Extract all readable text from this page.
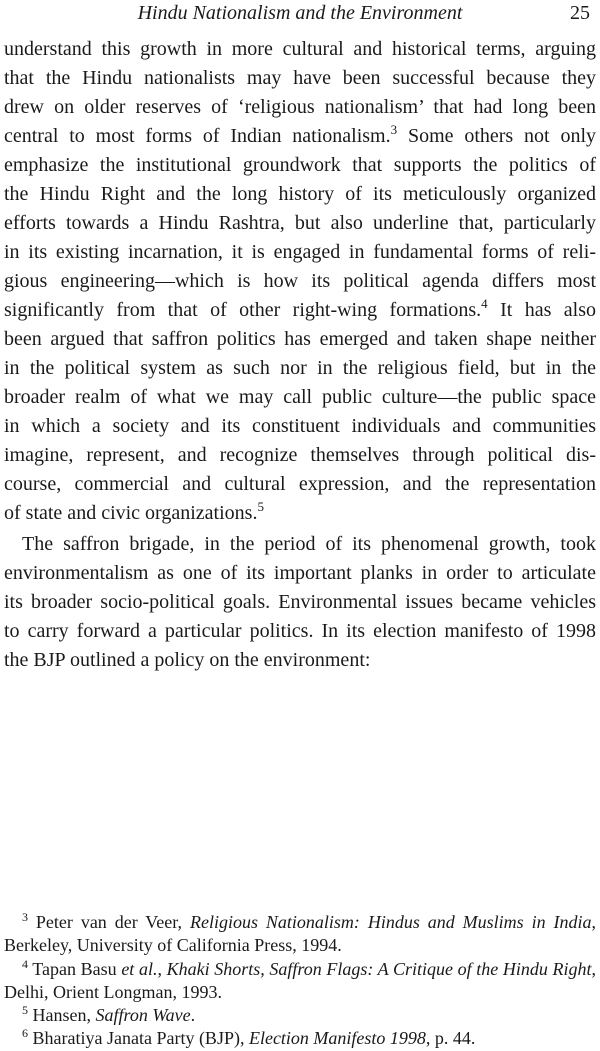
Hindu Nationalism and the Environment	25
understand this growth in more cultural and historical terms, arguing
that the Hindu nationalists may have been successful because they
drew on older reserves of ‘religious nationalism’ that had long been
central to most forms of Indian nationalism.$^3$ Some others not only
emphasize the institutional groundwork that supports the politics of
the Hindu Right and the long history of its meticulously organized
efforts towards a Hindu Rashtra, but also underline that, particularly
in its existing incarnation, it is engaged in fundamental forms of reli-
gious engineering—which is how its political agenda differs most
significantly from that of other right-wing formations.$^4$ It has also
been argued that saffron politics has emerged and taken shape neither
in the political system as such nor in the religious field, but in the
broader realm of what we may call public culture—the public space
in which a society and its constituent individuals and communities
imagine, represent, and recognize themselves through political dis-
course, commercial and cultural expression, and the representation
of state and civic organizations.$^5$
The saffron brigade, in the period of its phenomenal growth, took
environmentalism as one of its important planks in order to articulate
its broader socio-political goals. Environmental issues became vehicles
to carry forward a particular politics. In its election manifesto of 1998
the BJP outlined a policy on the environment:
$^3$ Peter van der Veer, Religious Nationalism: Hindus and Muslims in India,
Berkeley, University of California Press, 1994.
$^4$ Tapan Basu et al., Khaki Shorts, Saffron Flags: A Critique of the Hindu Right,
Delhi, Orient Longman, 1993.
$^5$ Hansen, Saffron Wave.
$^6$ Bharatiya Janata Party (BJP), Election Manifesto 1998, p. 44.
